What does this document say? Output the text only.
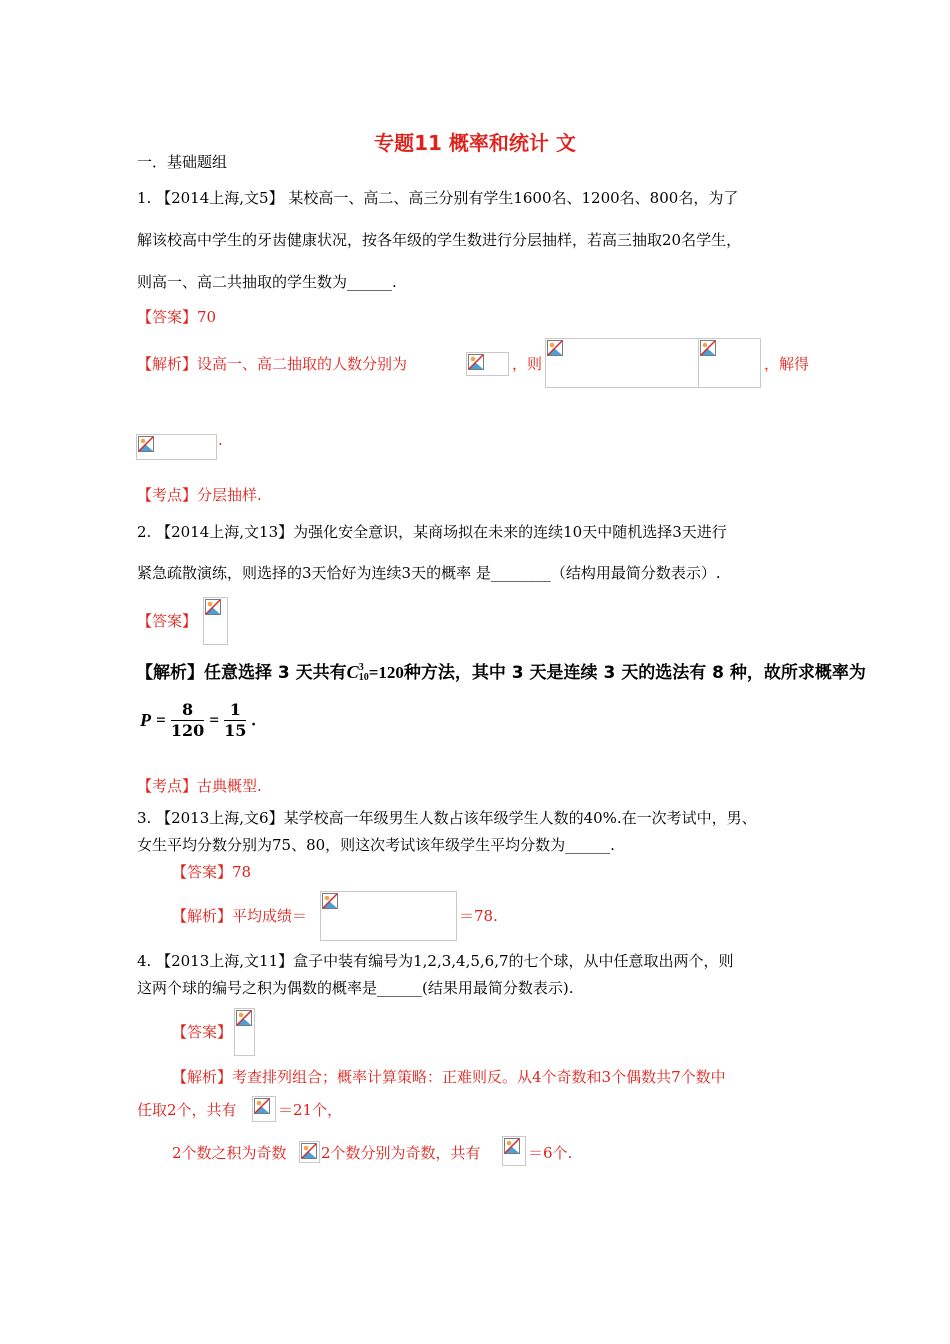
专题11 概率和统计 文
一．基础题组
1. 【2014上海,文5】 某校高一、高二、高三分别有学生1600名、1200名、800名，为了
解该校高中学生的牙齿健康状况，按各年级的学生数进行分层抽样，若高三抽取20名学生，
则高一、高二共抽取的学生数为______.
【答案】70
【解析】设高一、高二抽取的人数分别为	，则	，解得
.
【考点】分层抽样.
2. 【2014上海,文13】为强化安全意识，某商场拟在未来的连续10天中随机选择3天进行
紧急疏散演练，则选择的3天恰好为连续3天的概率 是________（结构用最简分数表示）.
【答案】
【解析】任意选择 3 天共有C 3
10 =120种方法，其中 3 天是连续 3 天的选法有 8 种，故所求概率为
$P = \frac{8}{120} = \frac{1}{15}$ .
【考点】古典概型.
3. 【2013上海,文6】某学校高一年级男生人数占该年级学生人数的40%.在一次考试中，男、
女生平均分数分别为75、80，则这次考试该年级学生平均分数为______.
【答案】78
【解析】平均成绩＝	＝78.
4. 【2013上海,文11】盒子中装有编号为1,2,3,4,5,6,7的七个球，从中任意取出两个，则
这两个球的编号之积为偶数的概率是______(结果用最简分数表示).
【答案】
【解析】考查排列组合；概率计算策略：正难则反。从4个奇数和3个偶数共7个数中
任取2个，共有	＝21个，
2个数之积为奇数 2个数分别为奇数，共有	＝6个.
